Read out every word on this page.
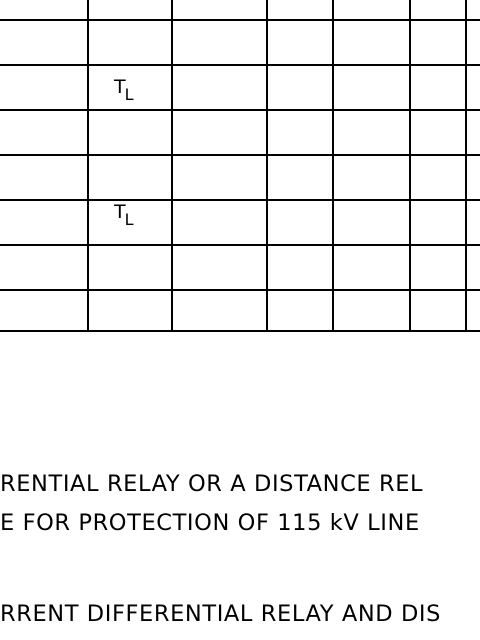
$T_L$
$T_L$
RENTIAL RELAY OR A DISTANCE REL
E FOR PROTECTION OF 115 kV LINE
RRENT DIFFERENTIAL RELAY AND DIS
